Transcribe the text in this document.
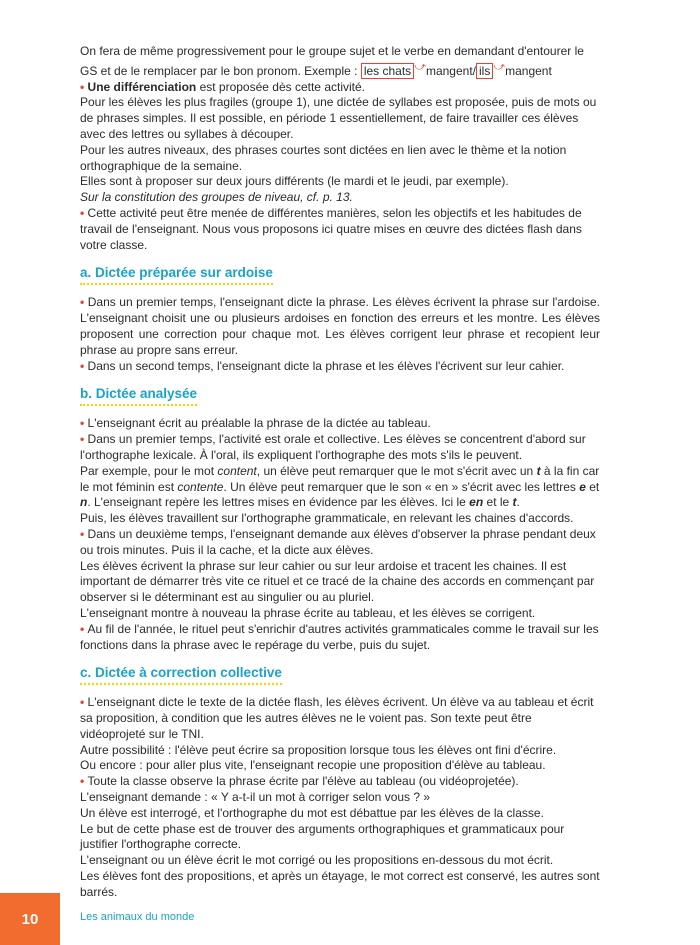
On fera de même progressivement pour le groupe sujet et le verbe en demandant d'entourer le GS et de le remplacer par le bon pronom. Exemple : les chats ⤻mangent/ ils ⤻mangent

• Une différenciation est proposée dès cette activité.

Pour les élèves les plus fragiles (groupe 1), une dictée de syllabes est proposée, puis de mots ou de phrases simples. Il est possible, en période 1 essentiellement, de faire travailler ces élèves avec des lettres ou syllabes à découper.

Pour les autres niveaux, des phrases courtes sont dictées en lien avec le thème et la notion orthographique de la semaine.

Elles sont à proposer sur deux jours différents (le mardi et le jeudi, par exemple).

Sur la constitution des groupes de niveau, cf. p. 13.

• Cette activité peut être menée de différentes manières, selon les objectifs et les habitudes de travail de l'enseignant. Nous vous proposons ici quatre mises en œuvre des dictées flash dans votre classe.

a. Dictée préparée sur ardoise

• Dans un premier temps, l'enseignant dicte la phrase. Les élèves écrivent la phrase sur l'ardoise. L'enseignant choisit une ou plusieurs ardoises en fonction des erreurs et les montre. Les élèves proposent une correction pour chaque mot. Les élèves corrigent leur phrase et recopient leur phrase au propre sans erreur.

• Dans un second temps, l'enseignant dicte la phrase et les élèves l'écrivent sur leur cahier.

b. Dictée analysée

• L'enseignant écrit au préalable la phrase de la dictée au tableau.

• Dans un premier temps, l'activité est orale et collective. Les élèves se concentrent d'abord sur l'orthographe lexicale. À l'oral, ils expliquent l'orthographe des mots s'ils le peuvent.

Par exemple, pour le mot content, un élève peut remarquer que le mot s'écrit avec un t à la fin car le mot féminin est contente. Un élève peut remarquer que le son « en » s'écrit avec les lettres e et n. L'enseignant repère les lettres mises en évidence par les élèves. Ici le en et le t.

Puis, les élèves travaillent sur l'orthographe grammaticale, en relevant les chaines d'accords.

• Dans un deuxième temps, l'enseignant demande aux élèves d'observer la phrase pendant deux ou trois minutes. Puis il la cache, et la dicte aux élèves.

Les élèves écrivent la phrase sur leur cahier ou sur leur ardoise et tracent les chaines. Il est important de démarrer très vite ce rituel et ce tracé de la chaine des accords en commençant par observer si le déterminant est au singulier ou au pluriel.

L'enseignant montre à nouveau la phrase écrite au tableau, et les élèves se corrigent.

• Au fil de l'année, le rituel peut s'enrichir d'autres activités grammaticales comme le travail sur les fonctions dans la phrase avec le repérage du verbe, puis du sujet.

c. Dictée à correction collective

• L'enseignant dicte le texte de la dictée flash, les élèves écrivent. Un élève va au tableau et écrit sa proposition, à condition que les autres élèves ne le voient pas. Son texte peut être vidéoprojeté sur le TNI.

Autre possibilité : l'élève peut écrire sa proposition lorsque tous les élèves ont fini d'écrire.

Ou encore : pour aller plus vite, l'enseignant recopie une proposition d'élève au tableau.

• Toute la classe observe la phrase écrite par l'élève au tableau (ou vidéoprojetée).

L'enseignant demande : « Y a-t-il un mot à corriger selon vous ? »

Un élève est interrogé, et l'orthographe du mot est débattue par les élèves de la classe.

Le but de cette phase est de trouver des arguments orthographiques et grammaticaux pour justifier l'orthographe correcte.

L'enseignant ou un élève écrit le mot corrigé ou les propositions en-dessous du mot écrit.

Les élèves font des propositions, et après un étayage, le mot correct est conservé, les autres sont barrés.

10	Les animaux du monde
